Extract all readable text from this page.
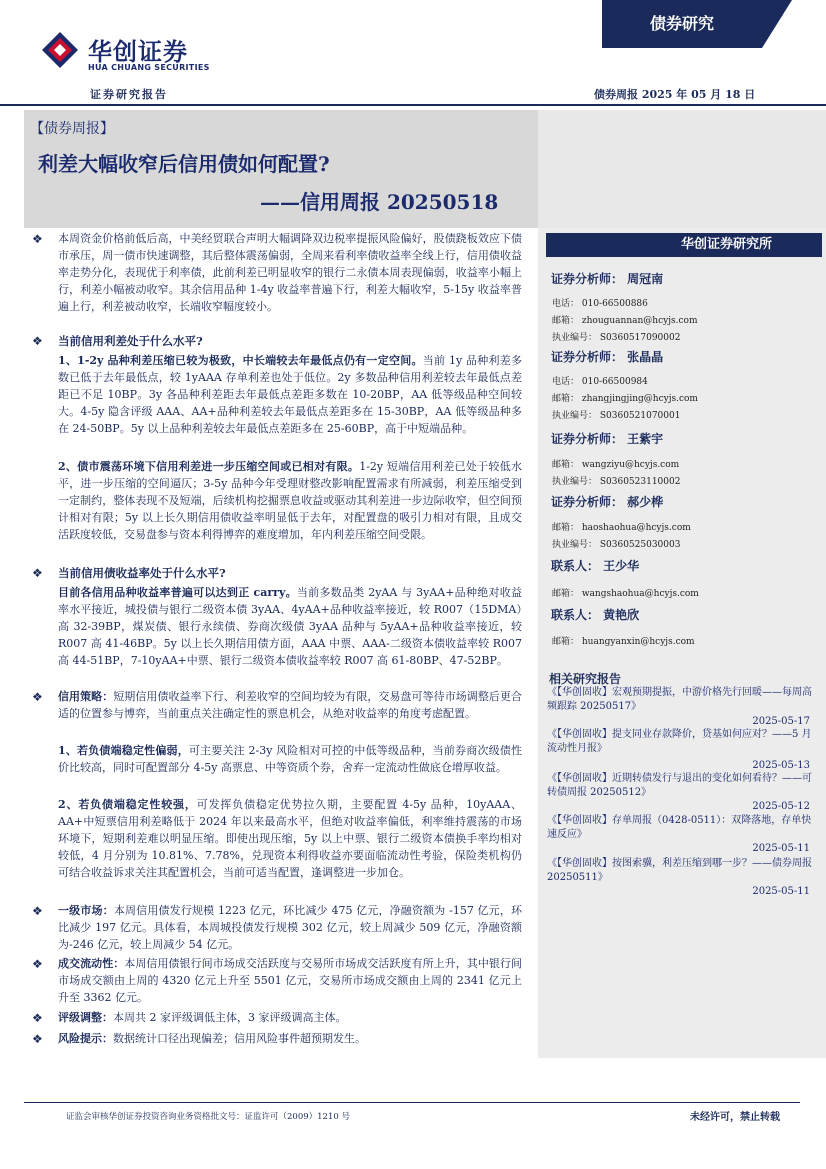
华创证券
HUA CHUANG SECURITIES
债券研究
证券研究报告	债券周报 2025 年 05 月 18 日
【债券周报】
利差大幅收窄后信用债如何配置?
——信用周报 20250518
华创证券研究所
证券分析师： 周冠南
电话： 010-66500886
邮箱： zhouguannan@hcyjs.com
执业编号： S0360517090002
证券分析师： 张晶晶
电话： 010-66500984
邮箱： zhangjingjing@hcyjs.com
执业编号： S0360521070001
证券分析师： 王紫宇
邮箱： wangziyu@hcyjs.com
执业编号： S0360523110002
证券分析师： 郝少桦
邮箱： haoshaohua@hcyjs.com
执业编号： S0360525030003
联系人： 王少华
邮箱： wangshaohua@hcyjs.com
联系人： 黄艳欣
邮箱： huangyanxin@hcyjs.com
相关研究报告
《【华创固收】宏观预期提振，中游价格先行回暖——每周高频跟踪 20250517》
2025-05-17
《【华创固收】提支同业存款降价，贷基如何应对？——5 月流动性月报》
2025-05-13
《【华创固收】近期转债发行与退出的变化如何看待？——可转债周报 20250512》
2025-05-12
《【华创固收】存单周报（0428-0511）：双降落地，存单快速反应》
2025-05-11
《【华创固收】按图索骥，利差压缩到哪一步？——债券周报 20250511》
2025-05-11
❖ 本周资金价格前低后高，中美经贸联合声明大幅调降双边税率提振风险偏好，股债跷板效应下债市承压，周一债市快速调整，其后整体震荡偏弱，全周来看利率债收益率全线上行，信用债收益率走势分化，表现优于利率债，此前利差已明显收窄的银行二永债本周表现偏弱，收益率小幅上行，利差小幅被动收窄。其余信用品种 1-4y 收益率普遍下行，利差大幅收窄，5-15y 收益率普遍上行，利差被动收窄，长端收窄幅度较小。
❖ 当前信用利差处于什么水平?
1、1-2y 品种利差压缩已较为极致，中长端较去年最低点仍有一定空间。当前 1y 品种利差多数已低于去年最低点，较 1yAAA 存单利差也处于低位。2y 多数品种信用利差较去年最低点差距已不足 10BP。3y 各品种利差距去年最低点差距多数在 10-20BP，AA 低等级品种空间较大。4-5y 隐含评级 AAA、AA+品种利差较去年最低点差距多在 15-30BP，AA 低等级品种多在 24-50BP。5y 以上品种利差较去年最低点差距多在 25-60BP，高于中短端品种。
2、债市震荡环境下信用利差进一步压缩空间或已相对有限。1-2y 短端信用利差已处于较低水平，进一步压缩的空间逼仄；3-5y 品种今年受理财整改影响配置需求有所减弱，利差压缩受到一定制约，整体表现不及短端，后续机构挖掘票息收益或驱动其利差进一步边际收窄，但空间预计相对有限；5y 以上长久期信用债收益率明显低于去年，对配置盘的吸引力相对有限，且成交活跃度较低，交易盘参与资本利得博弈的难度增加，年内利差压缩空间受限。
❖ 当前信用债收益率处于什么水平?
目前各信用品种收益率普遍可以达到正 carry。当前多数品类 2yAA 与 3yAA+品种绝对收益率水平接近，城投债与银行二级资本债 3yAA、4yAA+品种收益率接近，较 R007（15DMA）高 32-39BP，煤炭债、银行永续债、券商次级债 3yAA 品种与 5yAA+品种收益率接近，较 R007 高 41-46BP。5y 以上长久期信用债方面，AAA 中票、AAA-二级资本债收益率较 R007 高 44-51BP，7-10yAA+中票、银行二级资本债收益率较 R007 高 61-80BP、47-52BP。
❖ 信用策略：短期信用债收益率下行、利差收窄的空间均较为有限，交易盘可等待市场调整后更合适的位置参与博弈，当前重点关注确定性的票息机会，从绝对收益率的角度考虑配置。
1、若负债端稳定性偏弱，可主要关注 2-3y 风险相对可控的中低等级品种，当前券商次级债性价比较高，同时可配置部分 4-5y 高票息、中等资质个券，舍弃一定流动性做底仓增厚收益。
2、若负债端稳定性较强，可发挥负债稳定优势拉久期，主要配置 4-5y 品种，10yAAA、AA+中短票信用利差略低于 2024 年以来最高水平，但绝对收益率偏低，利率维持震荡的市场环境下，短期利差难以明显压缩。即使出现压缩，5y 以上中票、银行二级资本债换手率均相对较低，4 月分别为 10.81%、7.78%，兑现资本利得收益亦要面临流动性考验，保险类机构仍可结合收益诉求关注其配置机会，当前可适当配置，逢调整进一步加仓。
❖ 一级市场：本周信用债发行规模 1223 亿元，环比减少 475 亿元，净融资额为 -157 亿元，环比减少 197 亿元。具体看，本周城投债发行规模 302 亿元，较上周减少 509 亿元，净融资额为-246 亿元，较上周减少 54 亿元。
❖ 成交流动性：本周信用债银行间市场成交活跃度与交易所市场成交活跃度有所上升，其中银行间市场成交额由上周的 4320 亿元上升至 5501 亿元，交易所市场成交额由上周的 2341 亿元上升至 3362 亿元。
❖ 评级调整：本周共 2 家评级调低主体，3 家评级调高主体。
❖ 风险提示：数据统计口径出现偏差；信用风险事件超预期发生。
证监会审核华创证券投资咨询业务资格批文号：证监许可（2009）1210 号	未经许可，禁止转载
